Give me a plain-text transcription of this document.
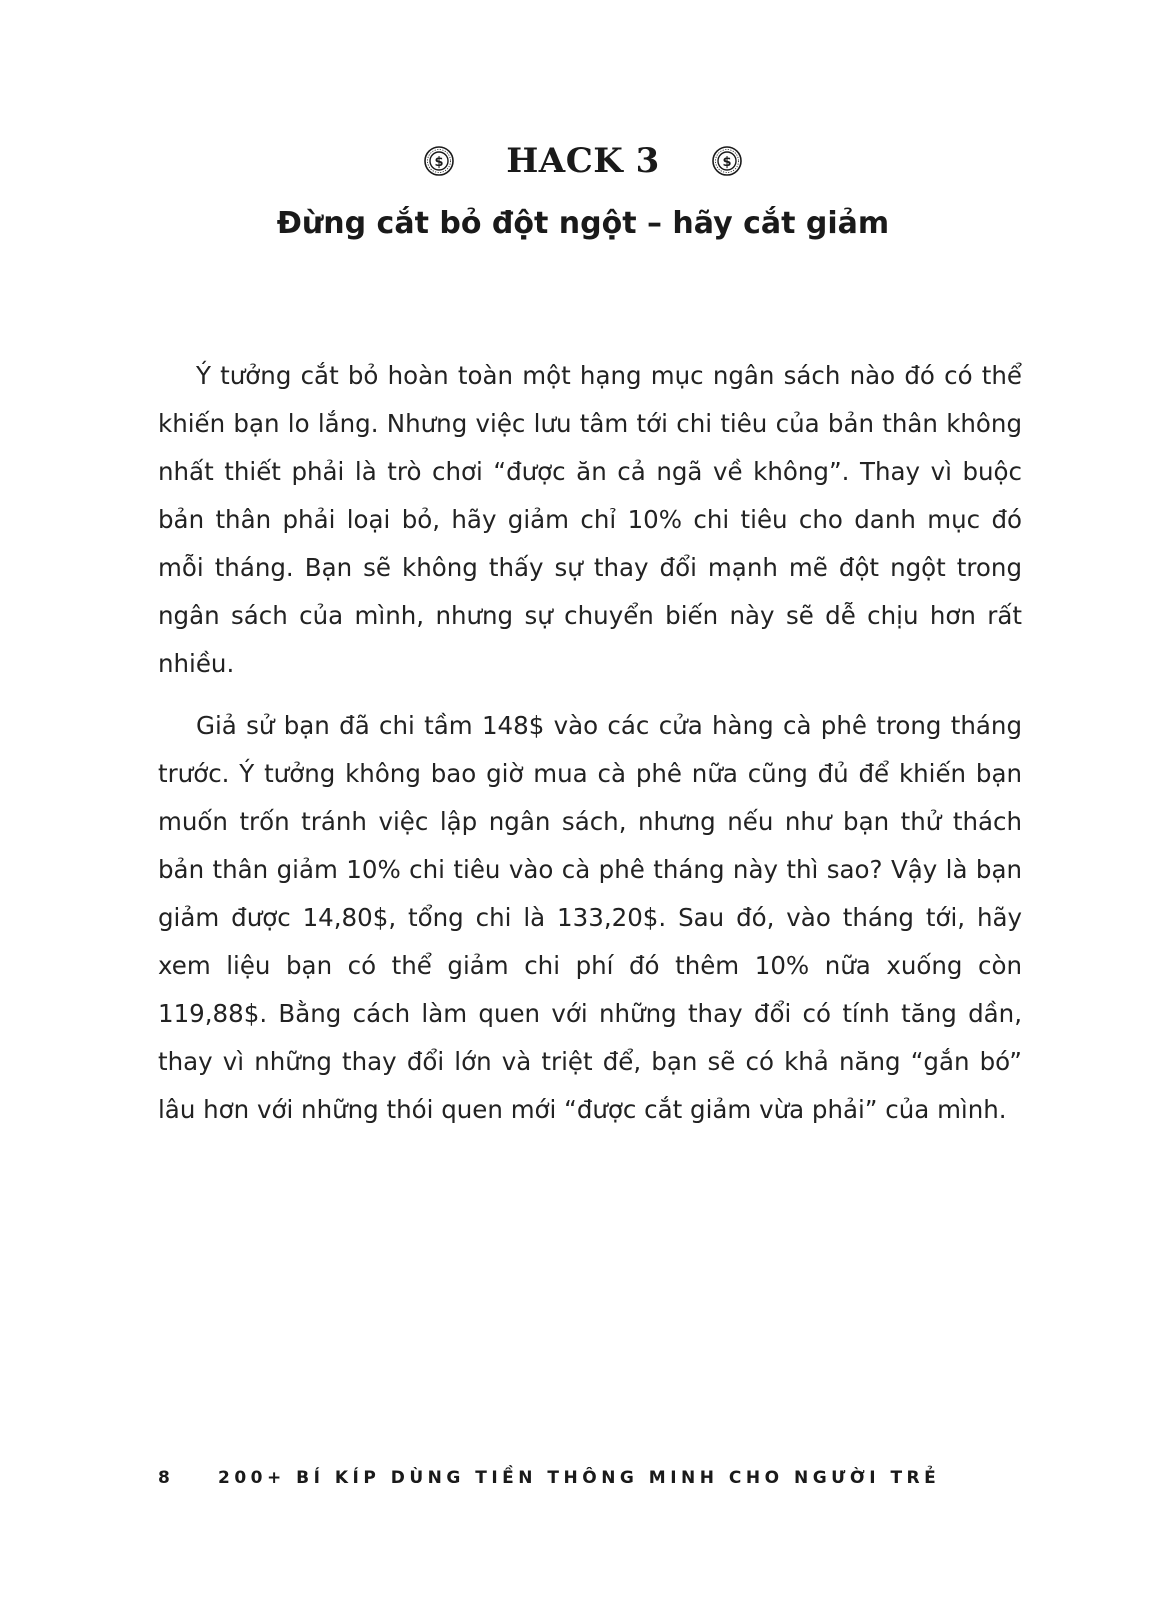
$ HACK 3	$
Đừng cắt bỏ đột ngột – hãy cắt giảm

Ý tưởng cắt bỏ hoàn toàn một hạng mục ngân sách nào đó có thể khiến bạn lo lắng. Nhưng việc lưu tâm tới chi tiêu của bản thân không nhất thiết phải là trò chơi “được ăn cả ngã về không”. Thay vì buộc bản thân phải loại bỏ, hãy giảm chỉ 10% chi tiêu cho danh mục đó mỗi tháng. Bạn sẽ không thấy sự thay đổi mạnh mẽ đột ngột trong ngân sách của mình, nhưng sự chuyển biến này sẽ dễ chịu hơn rất nhiều.

Giả sử bạn đã chi tầm 148$ vào các cửa hàng cà phê trong tháng trước. Ý tưởng không bao giờ mua cà phê nữa cũng đủ để khiến bạn muốn trốn tránh việc lập ngân sách, nhưng nếu như bạn thử thách bản thân giảm 10% chi tiêu vào cà phê tháng này thì sao? Vậy là bạn giảm được 14,80$, tổng chi là 133,20$. Sau đó, vào tháng tới, hãy xem liệu bạn có thể giảm chi phí đó thêm 10% nữa xuống còn 119,88$. Bằng cách làm quen với những thay đổi có tính tăng dần, thay vì những thay đổi lớn và triệt để, bạn sẽ có khả năng “gắn bó” lâu hơn với những thói quen mới “được cắt giảm vừa phải” của mình.

8	200+ BÍ KÍP DÙNG TIỀN THÔNG MINH CHO NGƯỜI TRẺ
